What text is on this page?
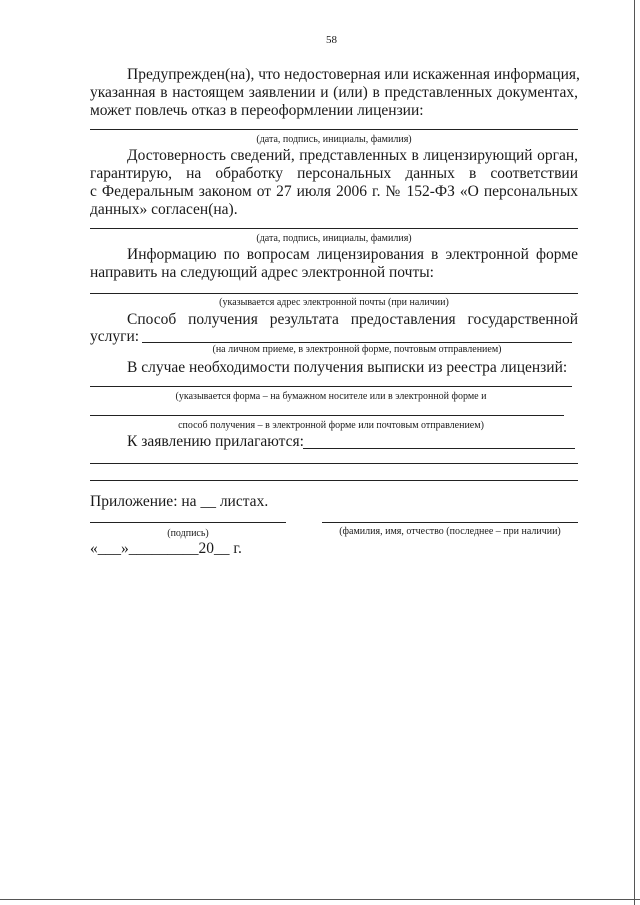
58
Предупрежден(на), что недостоверная или искаженная информация,
указанная в настоящем заявлении и (или) в представленных документах,
может повлечь отказ в переоформлении лицензии:
(дата, подпись, инициалы, фамилия)
Достоверность сведений, представленных в лицензирующий орган,
гарантирую, на обработку персональных данных в соответствии
с Федеральным законом от 27 июля 2006 г. № 152-ФЗ «О персональных
данных» согласен(на).
(дата, подпись, инициалы, фамилия)
Информацию по вопросам лицензирования в электронной форме
направить на следующий адрес электронной почты:
(указывается адрес электронной почты (при наличии)
Способ получения результата предоставления государственной
услуги:
(на личном приеме, в электронной форме, почтовым отправлением)
В случае необходимости получения выписки из реестра лицензий:
(указывается форма – на бумажном носителе или в электронной форме и
способ получения – в электронной форме или почтовым отправлением)
К заявлению прилагаются:
Приложение: на __ листах.
(подпись)	(фамилия, имя, отчество (последнее – при наличии)
«___»_________20__ г.
